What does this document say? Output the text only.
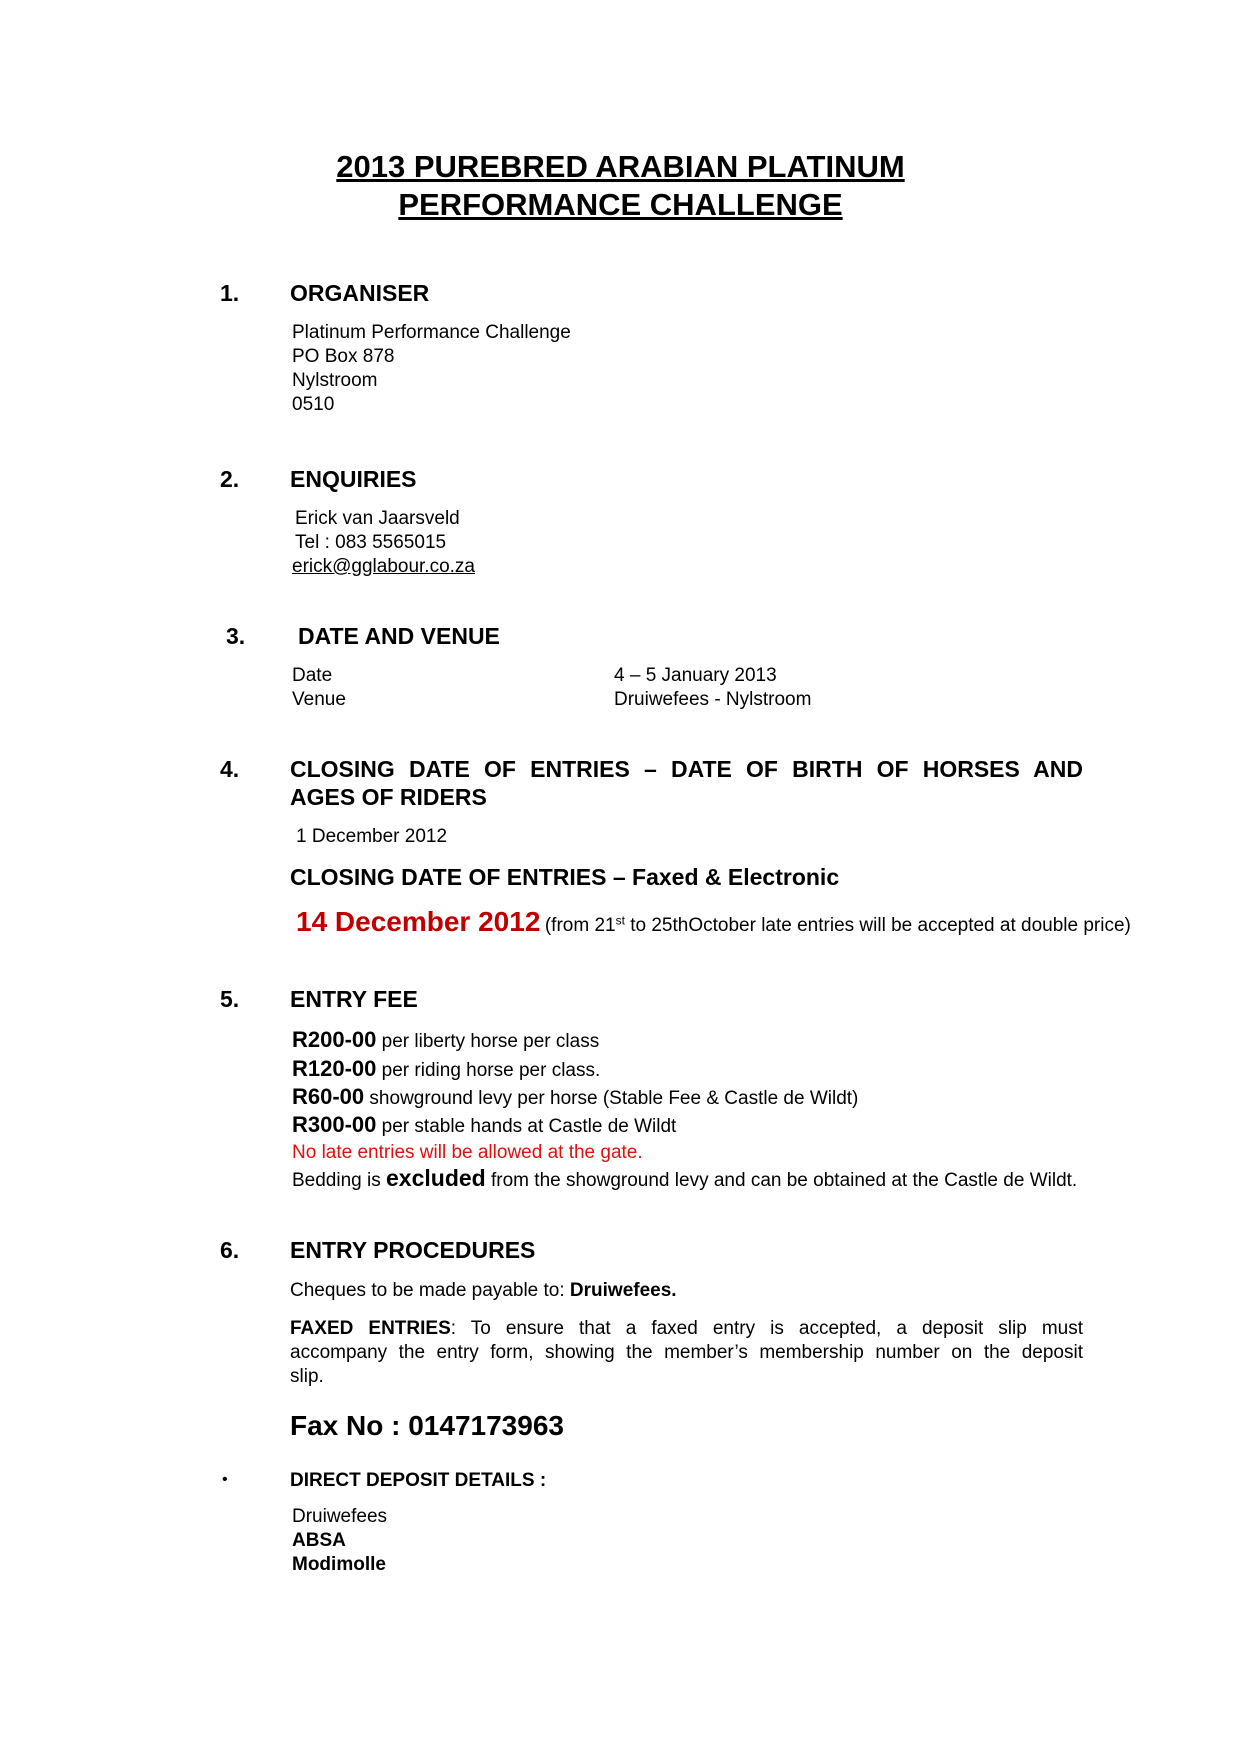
2013 PUREBRED ARABIAN PLATINUM
PERFORMANCE CHALLENGE
1. ORGANISER
Platinum Performance Challenge
PO Box 878
Nylstroom
0510
2. ENQUIRIES
Erick van Jaarsveld
Tel : 083 5565015
erick@gglabour.co.za
3. DATE AND VENUE
Date	4 – 5 January 2013
Venue	Druiwefees - Nylstroom
4. CLOSING DATE OF ENTRIES – DATE OF BIRTH OF HORSES AND
AGES OF RIDERS
1 December 2012
CLOSING DATE OF ENTRIES – Faxed & Electronic
14 December 2012 (from 21st to 25thOctober late entries will be accepted at double price)
5. ENTRY FEE
R200-00 per liberty horse per class
R120-00 per riding horse per class.
R60-00 showground levy per horse (Stable Fee & Castle de Wildt)
R300-00 per stable hands at Castle de Wildt
No late entries will be allowed at the gate.
Bedding is excluded from the showground levy and can be obtained at the Castle de Wildt.
6. ENTRY PROCEDURES
Cheques to be made payable to: Druiwefees.
FAXED ENTRIES: To ensure that a faxed entry is accepted, a deposit slip must
accompany the entry form, showing the member’s membership number on the deposit
slip.
Fax No : 0147173963
•	DIRECT DEPOSIT DETAILS :
Druiwefees
ABSA
Modimolle
